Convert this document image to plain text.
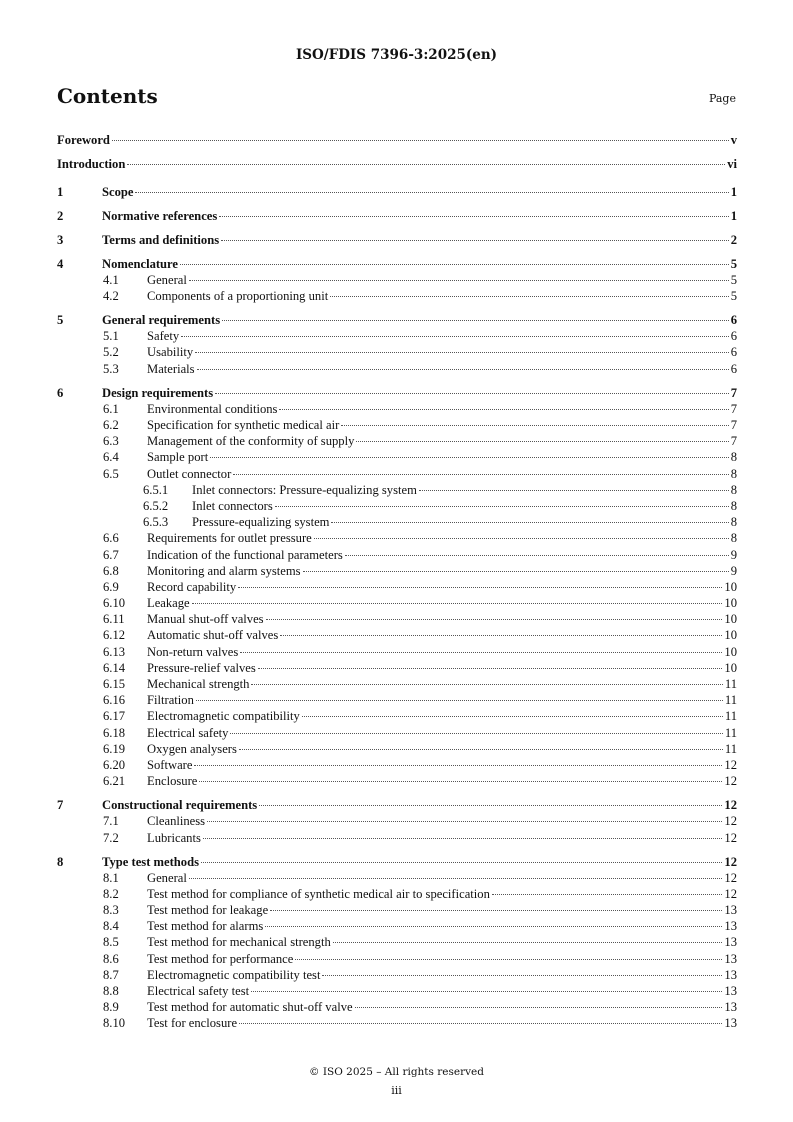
ISO/FDIS 7396-3:2025(en)
Contents	Page
Foreword	v
Introduction	vi
1	Scope	1
2	Normative references	1
3	Terms and definitions	2
4	Nomenclature	5
4.1 General	5
4.2 Components of a proportioning unit	5
5	General requirements	6
5.1 Safety	6
5.2 Usability	6
5.3 Materials	6
6	Design requirements	7
6.1 Environmental conditions	7
6.2 Specification for synthetic medical air	7
6.3 Management of the conformity of supply	7
6.4 Sample port	8
6.5 Outlet connector	8
6.5.1 Inlet connectors: Pressure-equalizing system	8
6.5.2 Inlet connectors	8
6.5.3 Pressure-equalizing system	8
6.6 Requirements for outlet pressure	8
6.7 Indication of the functional parameters	9
6.8 Monitoring and alarm systems	9
6.9 Record capability	10
6.10 Leakage	10
6.11 Manual shut-off valves	10
6.12 Automatic shut-off valves	10
6.13 Non-return valves	10
6.14 Pressure-relief valves	10
6.15 Mechanical strength	11
6.16 Filtration	11
6.17 Electromagnetic compatibility	11
6.18 Electrical safety	11
6.19 Oxygen analysers	11
6.20 Software	12
6.21 Enclosure	12
7	Constructional requirements	12
7.1 Cleanliness	12
7.2 Lubricants	12
8	Type test methods	12
8.1 General	12
8.2 Test method for compliance of synthetic medical air to specification	12
8.3 Test method for leakage	13
8.4 Test method for alarms	13
8.5 Test method for mechanical strength	13
8.6 Test method for performance	13
8.7 Electromagnetic compatibility test	13
8.8 Electrical safety test	13
8.9 Test method for automatic shut-off valve	13
8.10 Test for enclosure	13
© ISO 2025 – All rights reserved
iii
